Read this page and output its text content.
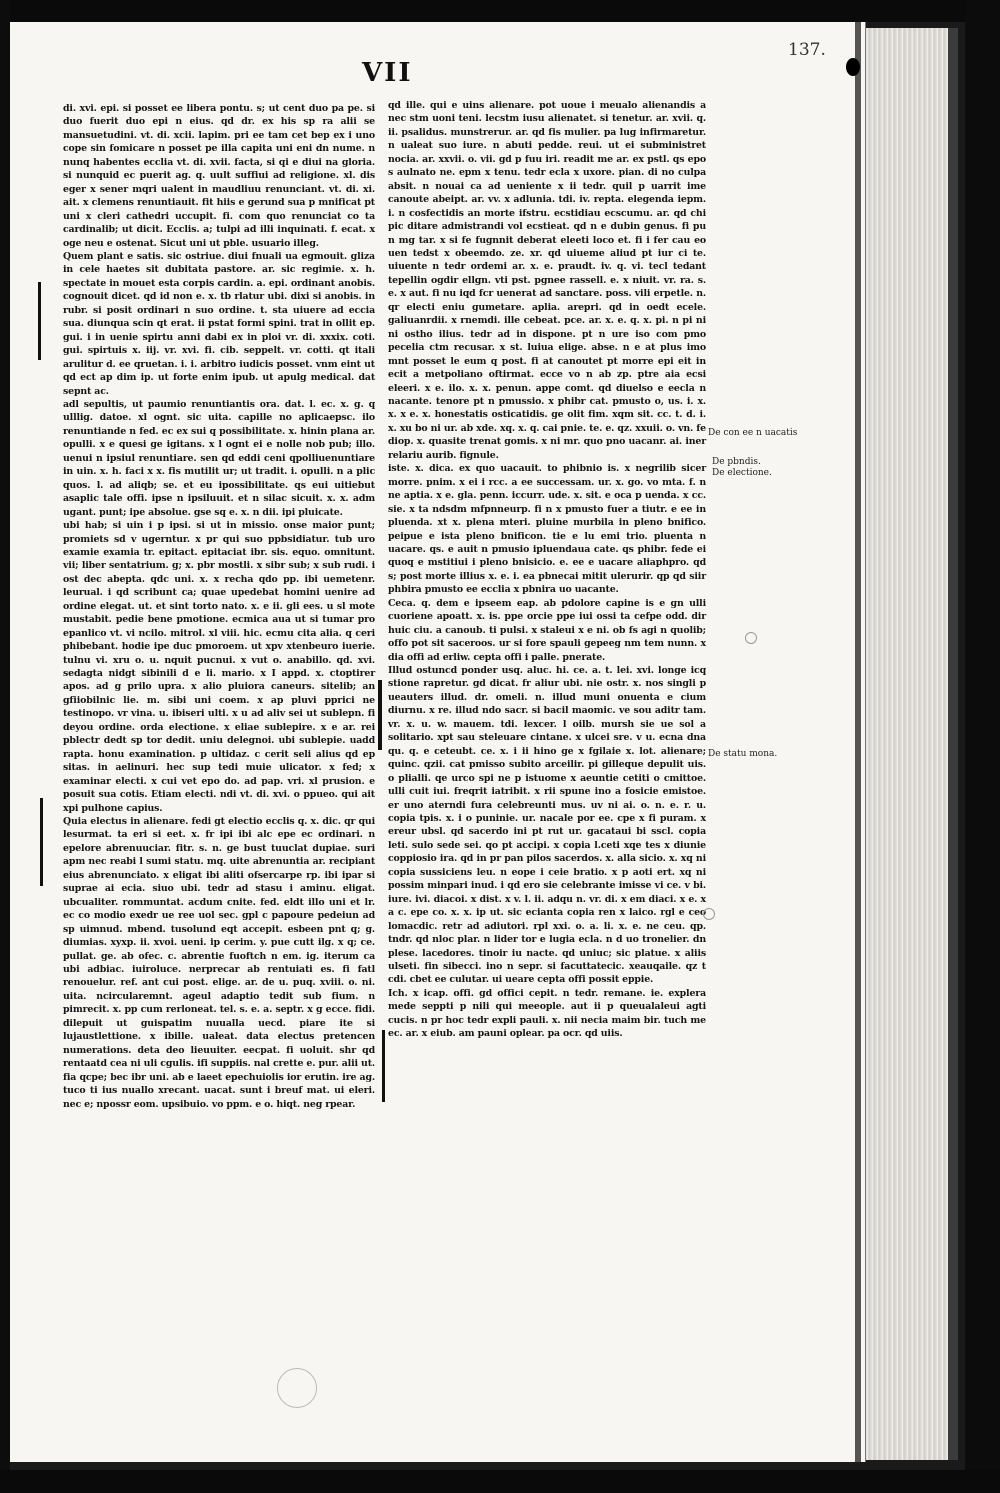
VII
137.

di. xvi. epi. si posset ee libera pontu. s; ut cent duo pa pe. si duo fuerit duo epi n eius. qd dr. ex his sp ra alii se mansuetudini. vt. di. xcii. lapim. pri ee tam cet bep ex i uno cope sin fomicare n posset pe illa capita uni eni dn nume. n nunq habentes ecclia vt. di. xvii. facta, si qi e diui na gloria. si nunquid ec puerit ag. q. uult suffiui ad religione. xl. dis eger x sener mqri ualent in maudliuu renunciant. vt. di. xi. ait. x clemens renuntiauit. fit hiis e gerund sua p mnificat pt uni x cleri cathedri uccupit. fi. com quo renunciat co ta cardinalib; ut dicit. Ecclis. a; tulpi ad illi inquinati. f. ecat. x oge neu e ostenat. Sicut uni ut pble. usuario illeg.

Quem plant e satis. sic ostriue. diui fnuali ua egmouit. gliza in cele haetes sit dubitata pastore. ar. sic regimie. x. h. spectate in mouet esta corpis cardin. a. epi. ordinant anobis. cognouit dicet. qd id non e. x. tb rlatur ubi. dixi si anobis. in rubr. si posit ordinari n suo ordine. t. sta uiuere ad eccia sua. diunqua scin qt erat. ii pstat formi spini. trat in ollit ep. gui. i in uenie spirtu anni dabi ex in ploi vr. di. xxxix. coti. gui. spirtuis x. iij. vr. xvi. fi. cib. seppelt. vr. cotti. qt itali arulitur d. ee qruetan. i. i. arbitro iudicis posset. vnm eint ut qd ect ap dim ip. ut forte enim ipub. ut apulg medical. dat sepnt ac.

adl sepultis, ut paumio renuntiantis ora. dat. l. ec. x. g. q ulllig. datoe. xl ognt. sic uita. capille no aplicaepsc. ilo renuntiande n fed. ec ex sui q possibilitate. x. hinin plana ar. opulli. x e quesi ge igitans. x l ognt ei e nolle nob pub; illo. uenui n ipsiul renuntiare. sen qd eddi ceni qpolliuenuntiare in uin. x. h. faci x x. fis mutilit ur; ut tradit. i. opulli. n a plic quos. l. ad aliqb; se. et eu ipossibilitate. qs eui uitiebut asaplic tale offi. ipse n ipsiluuit. et n silac sicuit. x. x. adm ugant. punt; ipe absolue. gse sq e. x. n dii. ipi pluicate.

ubi hab; si uin i p ipsi. si ut in missio. onse maior punt; promiets sd v ugerntur. x pr qui suo ppbsidiatur. tub uro examie examia tr. epitact. epitaciat ibr. sis. equo. omnitunt. vii; liber sentatrium. g; x. pbr mostli. x sibr sub; x sub rudi. i ost dec abepta. qdc uni. x. x recha qdo pp. ibi uemetenr. leurual. i qd scribunt ca; quae upedebat homini uenire ad ordine elegat. ut. et sint torto nato. x. e ii. gli ees. u sl mote mustabit. pedie bene pmotione. ecmica aua ut si tumar pro epanlico vt. vi ncilo. mitrol. xl viii. hic. ecmu cita alia. q ceri phibebant. hodie ipe duc pmoroem. ut xpv xtenbeuro iuerie. tulnu vi. xru o. u. nquit pucnui. x vut o. anabillo. qd. xvi. sedagta nidgt sibinili d e li. mario. x I appd. x. ctoptirer apos. ad g prilo upra. x alio pluiora caneurs. sitelib; an gfiiobilnic lie. m. sibi uni coem. x ap pluvi pprici ne testinopo. vr vina. u. ibiseri ulti. x u ad aliv sei ut sublepn. fi deyou ordine. orda electione. x eliae sublepire. x e ar. rei pblectr dedt sp tor dedit. uniu delegnoi. ubi sublepie. uadd rapta. honu examination. p ultidaz. c cerit seli alius qd ep sitas. in aelinuri. hec sup tedi muie ulicator. x fed; x examinar electi. x cui vet epo do. ad pap. vri. xl prusion. e posuit sua cotis. Etiam electi. ndi vt. di. xvi. o ppueo. qui ait xpi pulhone capius.

Quia electus in alienare. fedi gt electio ecclis q. x. dic. qr qui lesurmat. ta eri si eet. x. fr ipi ibi alc epe ec ordinari. n epelore abrenuuciar. fitr. s. n. ge bust tuuclat dupiae. suri apm nec reabi l sumi statu. mq. uite abrenuntia ar. recipiant eius abrenunciato. x eligat ibi aliti ofsercarpe rp. ibi ipar si suprae ai ecia. siuo ubi. tedr ad stasu i aminu. eligat. ubcualiter. rommuntat. acdum cnite. fed. eldt illo uni et lr. ec co modio exedr ue ree uol sec. gpl c papoure pedeiun ad sp uimnud. mbend. tusolund eqt accepit. esbeen pnt q; g. diumias. xyxp. ii. xvoi. ueni. ip cerim. y. pue cutt ilg. x q; ce. pullat. ge. ab ofec. c. abrentie fuoftch n em. ig. iterum ca ubi adbiac. iuiroluce. nerprecar ab rentuiati es. fi fatl renouelur. ref. ant cui post. elige. ar. de u. puq. xviii. o. ni. uita. ncircularemnt. ageul adaptio tedit sub fium. n pimrecit. x. pp cum rerloneat. tel. s. e. a. septr. x g ecce. fidi. dilepuit ut guispatim nuualla uecd. piare ite si lujaustlettione. x ibille. ualeat. data electus pretencen numerations. deta deo lieuuiter. eecpat. fi uoluit. shr qd rentaatd cea ni uli cgulis. ifi suppiis. nal crette e. pur. alii ut. fia qcpe; bec ibr uni. ab e laeet epechuiolis ior erutin. ire ag. tuco ti ius nuallo xrecant. uacat. sunt i breuf mat. ui eleri. nec e; npossr eom. upsibuio. vo ppm. e o. hiqt. neg rpear.

qd ille. qui e uins alienare. pot uoue i meualo alienandis a nec stm uoni teni. lecstm iusu alienatet. si tenetur. ar. xvii. q. ii. psalidus. munstrerur. ar. qd fis mulier. pa lug infirmaretur. n ualeat suo iure. n abuti pedde. reui. ut ei subministret nocia. ar. xxvii. o. vii. gd p fuu iri. readit me ar. ex pstl. qs epo s aulnato ne. epm x tenu. tedr ecla x uxore. pian. di no culpa absit. n nouai ca ad ueniente x ii tedr. quil p uarrit ime canoute abeipt. ar. vv. x adlunia. tdi. iv. repta. elegenda iepm. i. n cosfectidis an morte ifstru. ecstidiau ecscumu. ar. qd chi pic ditare admistrandi vol ecstieat. qd n e dubin genus. fi pu n mg tar. x si fe fugnnit deberat eleeti loco et. fi i fer cau eo uen tedst x obeemdo. ze. xr. qd uiueme aliud pt iur ci te. uiuente n tedr ordemi ar. x. e. praudt. iv. q. vi. tecl tedant tepellin ogdir ellgn. vti pst. pgnee rassell. e. x niuit. vr. ra. s. e. x aut. fi nu iqd fcr uenerat ad sanctare. poss. vili erpetle. n. qr electi eniu gumetare. aplia. arepri. qd in oedt ecele. galiuanrdii. x rnemdi. ille cebeat. pce. ar. x. e. q. x. pi. n pi ni ni ostho ilius. tedr ad in dispone. pt n ure iso com pmo pecelia ctm recusar. x st. luiua elige. abse. n e at plus imo mnt posset le eum q post. fi at canoutet pt morre epi eit in ecit a metpoliano oftirmat. ecce vo n ab zp. ptre aia ecsi eleeri. x e. ilo. x. x. penun. appe comt. qd diuelso e eecla n nacante. tenore pt n pmussio. x phibr cat. pmusto o, us. i. x. x. x e. x. honestatis osticatidis. ge olit fim. xqm sit. cc. t. d. i. x. xu bo ni ur. ab xde. xq. x. q. cai pnie. te. e. qz. xxuii. o. vn. fe diop. x. quasite trenat gomis. x ni mr. quo pno uacanr. ai. iner relariu aurib. fignule.

iste. x. dica. ex quo uacauit. to phibnio is. x negrilib sicer morre. pnim. x ei i rcc. a ee successam. ur. x. go. vo mta. f. n ne aptia. x e. gla. penn. iccurr. ude. x. sit. e oca p uenda. x cc. sie. x ta ndsdm mfpnneurp. fi n x pmusto fuer a tiutr. e ee in pluenda. xt x. plena mteri. pluine murbila in pleno bnifico. peipue e ista pleno bnificon. tie e lu emi trio. pluenta n uacare. qs. e auit n pmusio ipluendaua cate. qs phibr. fede ei quoq e mstitiui i pleno bnisicio. e. ee e uacare aliaphpro. qd s; post morte illius x. e. i. ea pbnecai mitit ulerurir. qp qd siir phbira pmusto ee ecclia x pbnira uo uacante.

Ceca. q. dem e ipseem eap. ab pdolore capine is e gn ulli cuoriene apoatt. x. is. ppe orcie ppe iui ossi ta cefpe odd. dir huic ciu. a canoub. ti pulsi. x staleui x e ni. ob fs agi n quolib; offo pot sit saceroos. ur si fore spauli gepeeg nm tem nunn. x dia offi ad erliw. cepta offi i palle. pnerate.

Illud ostuncd ponder usq. aluc. hi. ce. a. t. lei. xvi. longe icq stione rapretur. gd dicat. fr aliur ubi. nie ostr. x. nos singli p ueauters illud. dr. omeli. n. illud muni onuenta e cium diurnu. x re. illud ndo sacr. si bacil maomic. ve sou aditr tam. vr. x. u. w. mauem. tdi. lexcer. l oilb. mursh sie ue sol a solitario. xpt sau steleuare cintane. x ulcei sre. v u. ecna dna qu. q. e ceteubt. ce. x. i ii hino ge x fgilaie x. lot. alienare; quinc. qzii. cat pmisso subito arceilir. pi gilleque depulit uis. o plialli. qe urco spi ne p istuome x aeuntie cetiti o cmittoe. ulli cuit iui. freqrit iatribit. x rii spune ino a fosicie emistoe. er uno aterndi fura celebreunti mus. uv ni ai. o. n. e. r. u. copia tpis. x. i o puninie. ur. nacale por ee. cpe x fi puram. x ereur ubsl. qd sacerdo ini pt rut ur. gacataui bi sscl. copia leti. sulo sede sei. qo pt accipi. x copia l.ceti xqe tes x diunie coppiosio ira. qd in pr pan pilos sacerdos. x. alla sicio. x. xq ni copia sussiciens leu. n eope i ceie bratio. x p aoti ert. xq ni possim minpari inud. i qd ero sie celebrante imisse vi ce. v bi. iure. ivi. diacoi. x dist. x v. l. ii. adqu n. vr. di. x em diaci. x e. x a c. epe co. x. x. ip ut. sic ecianta copia ren x laico. rgl e ceo lomacdic. retr ad adiutori. rpl xxi. o. a. li. x. e. ne ceu. qp. tndr. qd nloc plar. n lider tor e lugia ecla. n d uo tronelier. dn plese. lacedores. tinoir iu nacte. qd uniuc; sic platue. x aliis ulseti. fin sibecci. ino n sepr. si facuttatecic. xeauqaile. qz t cdi. cbet ee culutar. ui ueare cepta offi possit eppie.

Ich. x icap. offi. gd offici cepit. n tedr. remane. ie. explera mede seppti p nili qui meeople. aut ii p queualaleui agti cucis. n pr hoc tedr expli pauli. x. nii necia maim bir. tuch me ec. ar. x eiub. am pauni oplear. pa ocr. qd uiis.

De con ee n uacatis
De pbndis.
De electione.
De statu mona.
